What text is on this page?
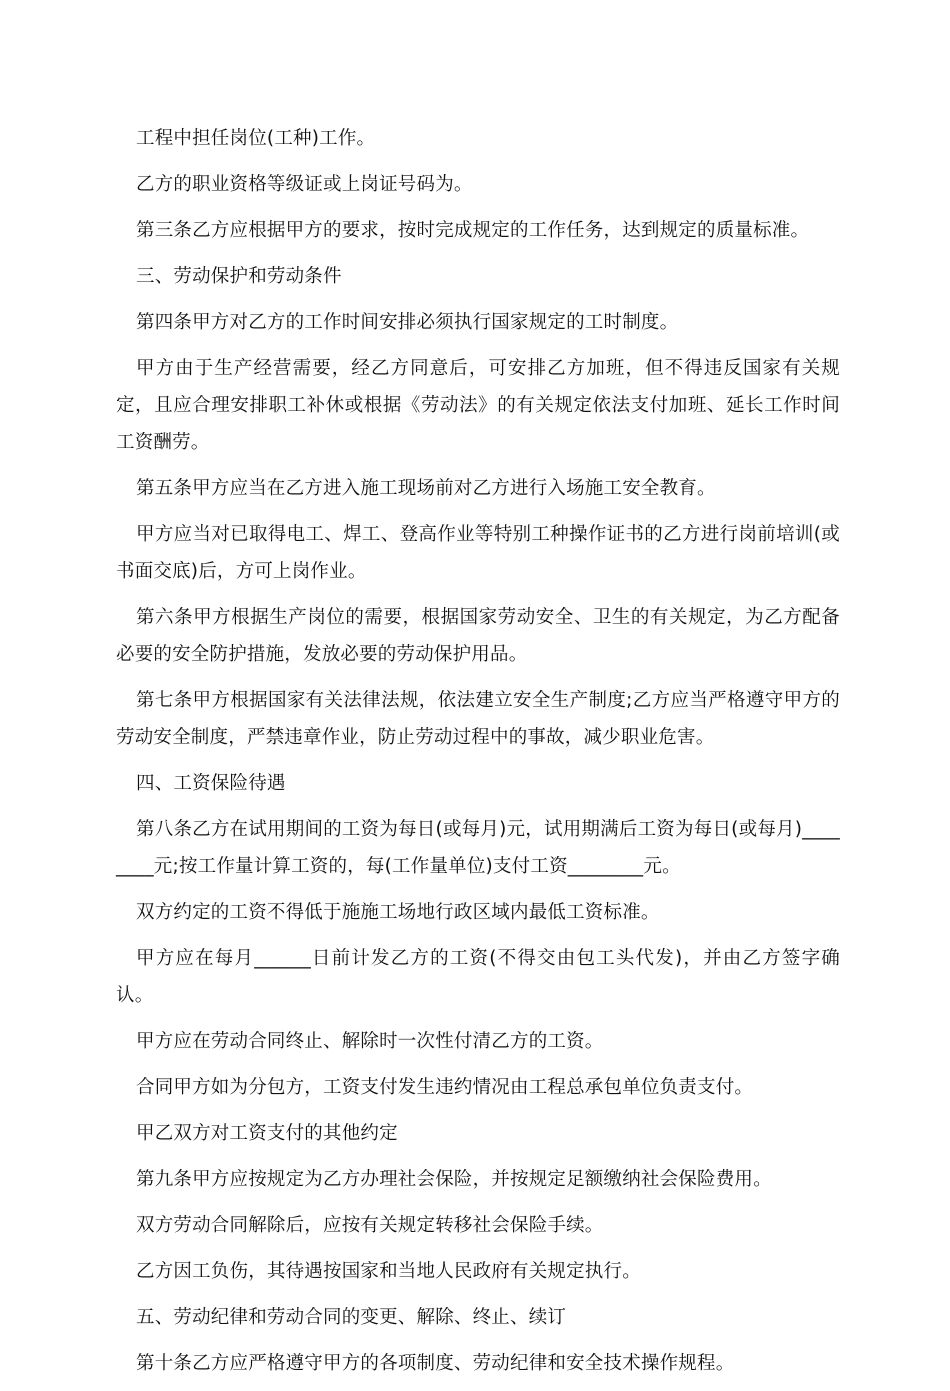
工程中担任岗位(工种)工作。

乙方的职业资格等级证或上岗证号码为。

第三条乙方应根据甲方的要求，按时完成规定的工作任务，达到规定的质量标准。

三、劳动保护和劳动条件

第四条甲方对乙方的工作时间安排必须执行国家规定的工时制度。

甲方由于生产经营需要，经乙方同意后，可安排乙方加班，但不得违反国家有关规定，且应合理安排职工补休或根据《劳动法》的有关规定依法支付加班、延长工作时间工资酬劳。

第五条甲方应当在乙方进入施工现场前对乙方进行入场施工安全教育。

甲方应当对已取得电工、焊工、登高作业等特别工种操作证书的乙方进行岗前培训(或书面交底)后，方可上岗作业。

第六条甲方根据生产岗位的需要，根据国家劳动安全、卫生的有关规定，为乙方配备必要的安全防护措施，发放必要的劳动保护用品。

第七条甲方根据国家有关法律法规，依法建立安全生产制度;乙方应当严格遵守甲方的劳动安全制度，严禁违章作业，防止劳动过程中的事故，减少职业危害。

四、工资保险待遇

第八条乙方在试用期间的工资为每日(或每月)元，试用期满后工资为每日(或每月)________元;按工作量计算工资的，每(工作量单位)支付工资________元。

双方约定的工资不得低于施施工场地行政区域内最低工资标准。

甲方应在每月______日前计发乙方的工资(不得交由包工头代发)，并由乙方签字确认。

甲方应在劳动合同终止、解除时一次性付清乙方的工资。

合同甲方如为分包方，工资支付发生违约情况由工程总承包单位负责支付。

甲乙双方对工资支付的其他约定

第九条甲方应按规定为乙方办理社会保险，并按规定足额缴纳社会保险费用。

双方劳动合同解除后，应按有关规定转移社会保险手续。

乙方因工负伤，其待遇按国家和当地人民政府有关规定执行。

五、劳动纪律和劳动合同的变更、解除、终止、续订

第十条乙方应严格遵守甲方的各项制度、劳动纪律和安全技术操作规程。
